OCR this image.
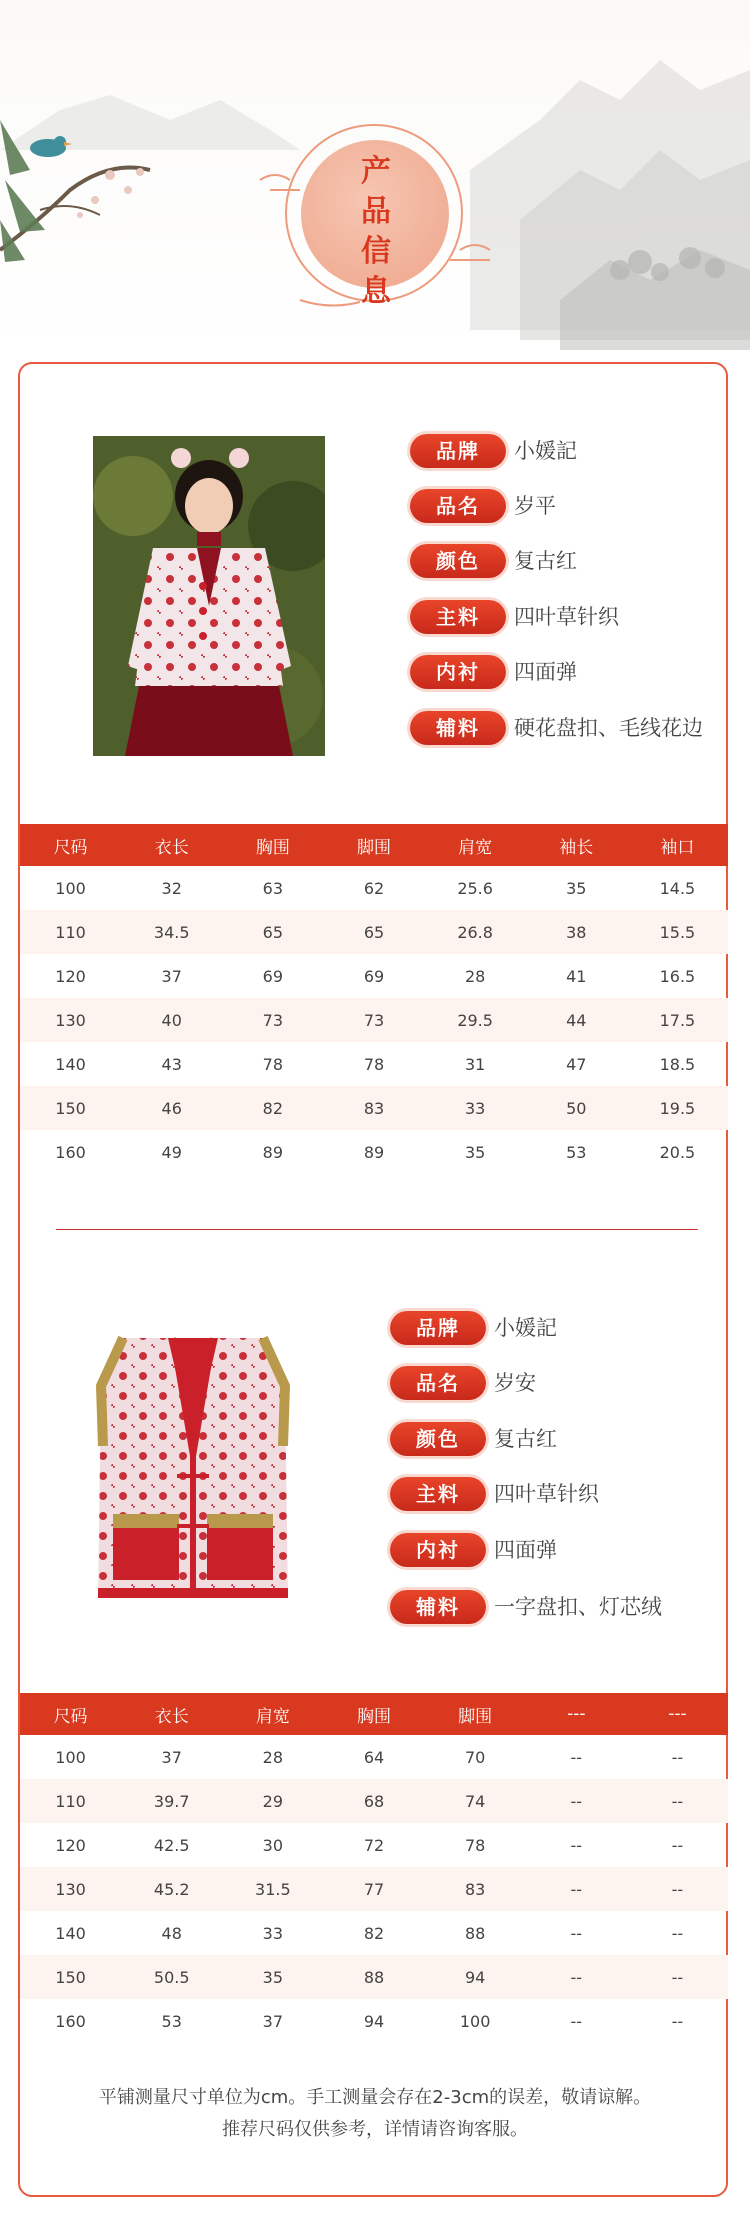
产品信息
品牌	小媛記
品名	岁平
颜色	复古红
主料	四叶草针织
内衬	四面弹
辅料	硬花盘扣、毛线花边
尺码	衣长	胸围	脚围	肩宽	袖长	袖口
100	32	63	62	25.6	35	14.5
110	34.5	65	65	26.8	38	15.5
120	37	69	69	28	41	16.5
130	40	73	73	29.5	44	17.5
140	43	78	78	31	47	18.5
150	46	82	83	33	50	19.5
160	49	89	89	35	53	20.5
品牌	小媛記
品名	岁安
颜色	复古红
主料	四叶草针织
内衬	四面弹
辅料	一字盘扣、灯芯绒
尺码	衣长	肩宽	胸围	脚围	---	---
100	37	28	64	70	--	--
110	39.7	29	68	74	--	--
120	42.5	30	72	78	--	--
130	45.2	31.5	77	83	--	--
140	48	33	82	88	--	--
150	50.5	35	88	94	--	--
160	53	37	94	100	--	--
平铺测量尺寸单位为cm。手工测量会存在2-3cm的误差，敬请谅解。
推荐尺码仅供参考，详情请咨询客服。
